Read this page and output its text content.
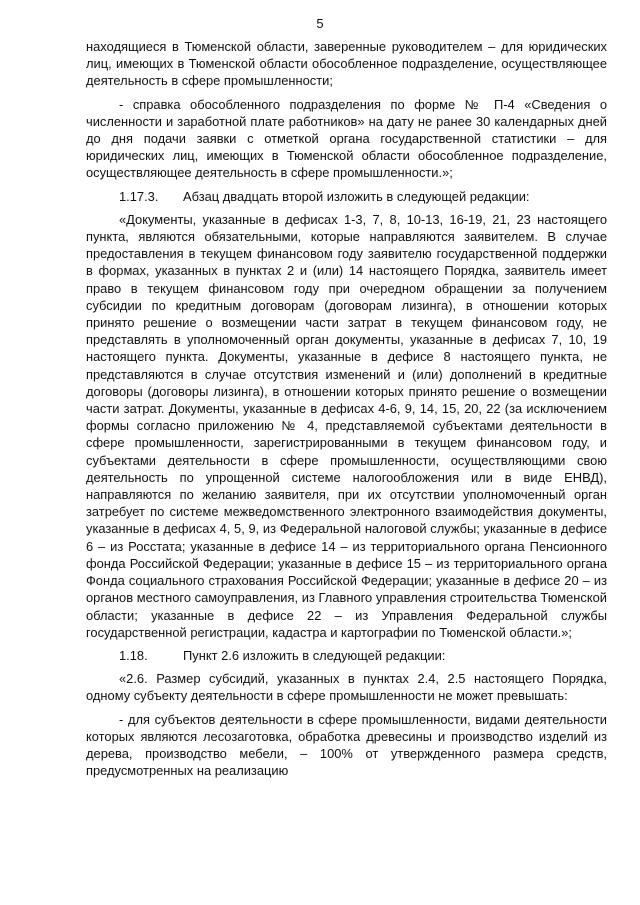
5

находящиеся в Тюменской области, заверенные руководителем – для юридических лиц, имеющих в Тюменской области обособленное подразделение, осуществляющее деятельность в сфере промышленности;

- справка обособленного подразделения по форме № П-4 «Сведения о численности и заработной плате работников» на дату не ранее 30 календарных дней до дня подачи заявки с отметкой органа государственной статистики – для юридических лиц, имеющих в Тюменской области обособленное подразделение, осуществляющее деятельность в сфере промышленности.»;

1.17.3. Абзац двадцать второй изложить в следующей редакции:

«Документы, указанные в дефисах 1-3, 7, 8, 10-13, 16-19, 21, 23 настоящего пункта, являются обязательными, которые направляются заявителем. В случае предоставления в текущем финансовом году заявителю государственной поддержки в формах, указанных в пунктах 2 и (или) 14 настоящего Порядка, заявитель имеет право в текущем финансовом году при очередном обращении за получением субсидии по кредитным договорам (договорам лизинга), в отношении которых принято решение о возмещении части затрат в текущем финансовом году, не представлять в уполномоченный орган документы, указанные в дефисах 7, 10, 19 настоящего пункта. Документы, указанные в дефисе 8 настоящего пункта, не представляются в случае отсутствия изменений и (или) дополнений в кредитные договоры (договоры лизинга), в отношении которых принято решение о возмещении части затрат. Документы, указанные в дефисах 4-6, 9, 14, 15, 20, 22 (за исключением формы согласно приложению № 4, представляемой субъектами деятельности в сфере промышленности, зарегистрированными в текущем финансовом году, и субъектами деятельности в сфере промышленности, осуществляющими свою деятельность по упрощенной системе налогообложения или в виде ЕНВД), направляются по желанию заявителя, при их отсутствии уполномоченный орган затребует по системе межведомственного электронного взаимодействия документы, указанные в дефисах 4, 5, 9, из Федеральной налоговой службы; указанные в дефисе 6 – из Росстата; указанные в дефисе 14 – из территориального органа Пенсионного фонда Российской Федерации; указанные в дефисе 15 – из территориального органа Фонда социального страхования Российской Федерации; указанные в дефисе 20 – из органов местного самоуправления, из Главного управления строительства Тюменской области; указанные в дефисе 22 – из Управления Федеральной службы государственной регистрации, кадастра и картографии по Тюменской области.»;

1.18.	Пункт 2.6 изложить в следующей редакции:

«2.6. Размер субсидий, указанных в пунктах 2.4, 2.5 настоящего Порядка, одному субъекту деятельности в сфере промышленности не может превышать:

- для субъектов деятельности в сфере промышленности, видами деятельности которых являются лесозаготовка, обработка древесины и производство изделий из дерева, производство мебели, – 100% от утвержденного размера средств, предусмотренных на реализацию
